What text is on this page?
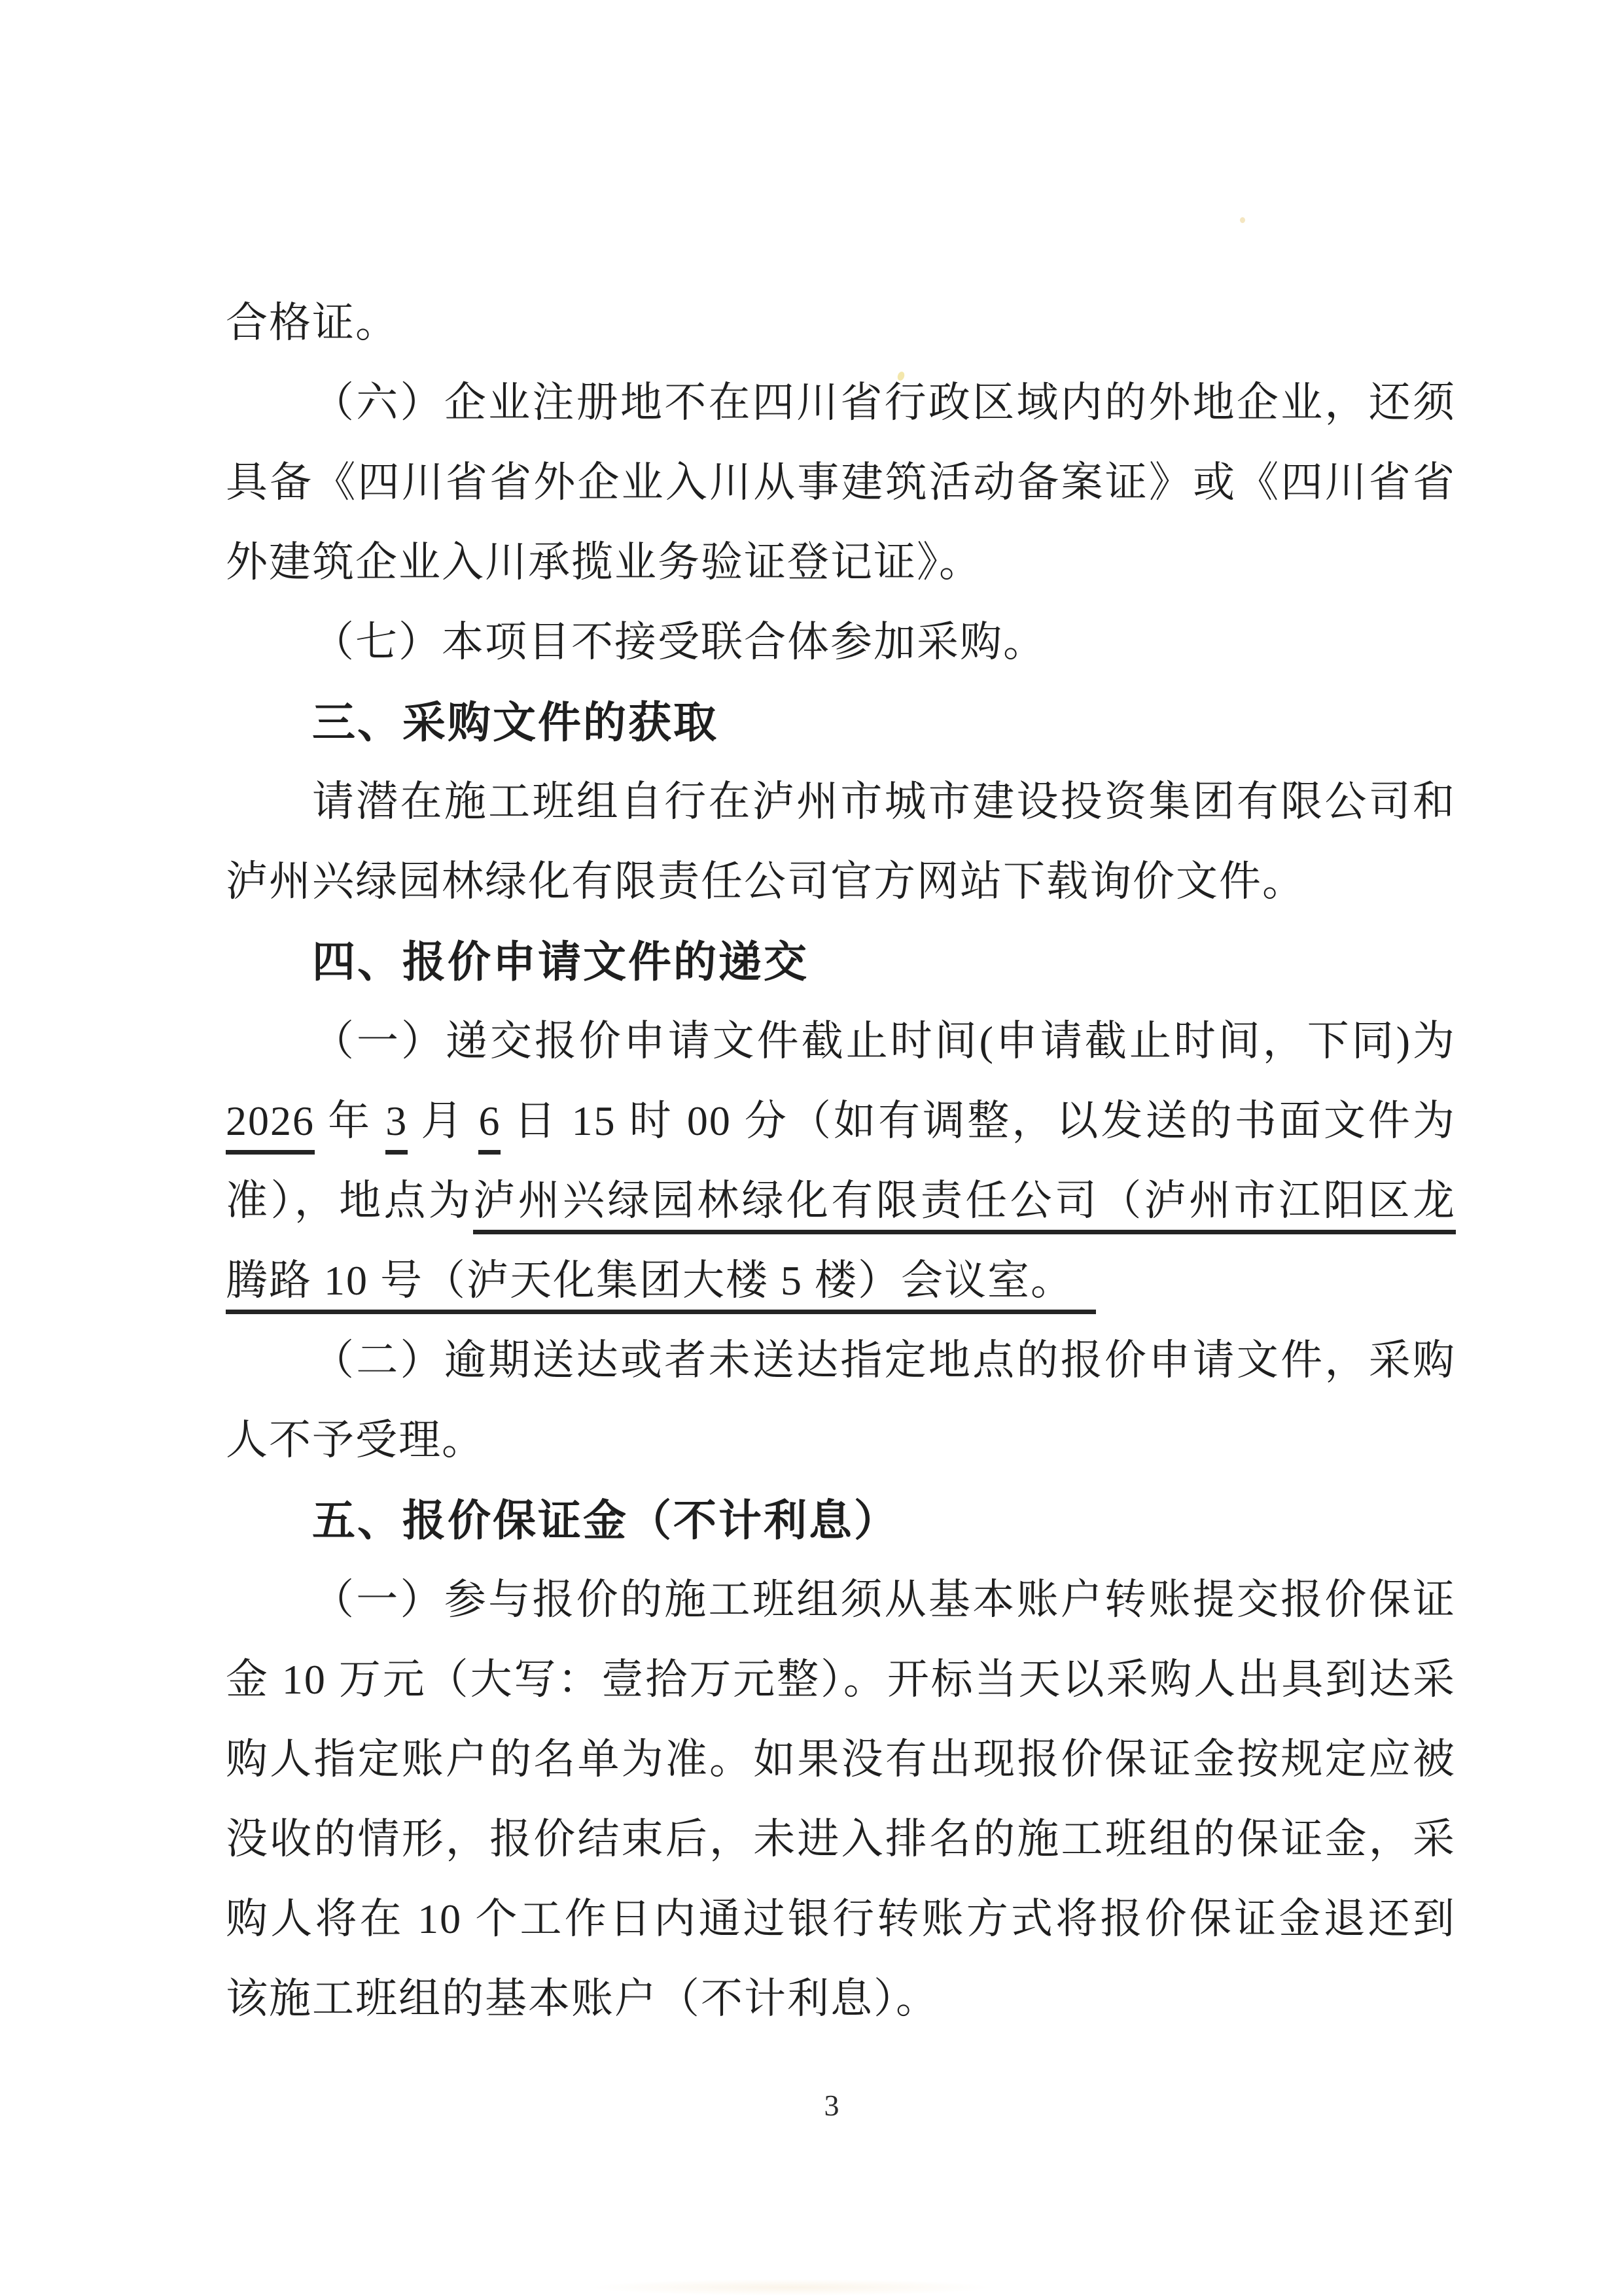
合格证。
（六）企业注册地不在四川省行政区域内的外地企业，还须
具备《四川省省外企业入川从事建筑活动备案证》或《四川省省
外建筑企业入川承揽业务验证登记证》。
（七）本项目不接受联合体参加采购。
三、采购文件的获取
请潜在施工班组自行在泸州市城市建设投资集团有限公司和
泸州兴绿园林绿化有限责任公司官方网站下载询价文件。
四、报价申请文件的递交
（一）递交报价申请文件截止时间(申请截止时间，下同)为
2026 年 3 月 6 日 15 时 00 分（如有调整，以发送的书面文件为
准），地点为泸州兴绿园林绿化有限责任公司（泸州市江阳区龙
腾路 10 号（泸天化集团大楼 5 楼）会议室。　
（二）逾期送达或者未送达指定地点的报价申请文件，采购
人不予受理。
五、报价保证金（不计利息）
（一）参与报价的施工班组须从基本账户转账提交报价保证
金 10 万元（大写：壹拾万元整）。开标当天以采购人出具到达采
购人指定账户的名单为准。如果没有出现报价保证金按规定应被
没收的情形，报价结束后，未进入排名的施工班组的保证金，采
购人将在 10 个工作日内通过银行转账方式将报价保证金退还到
该施工班组的基本账户（不计利息）。
3
